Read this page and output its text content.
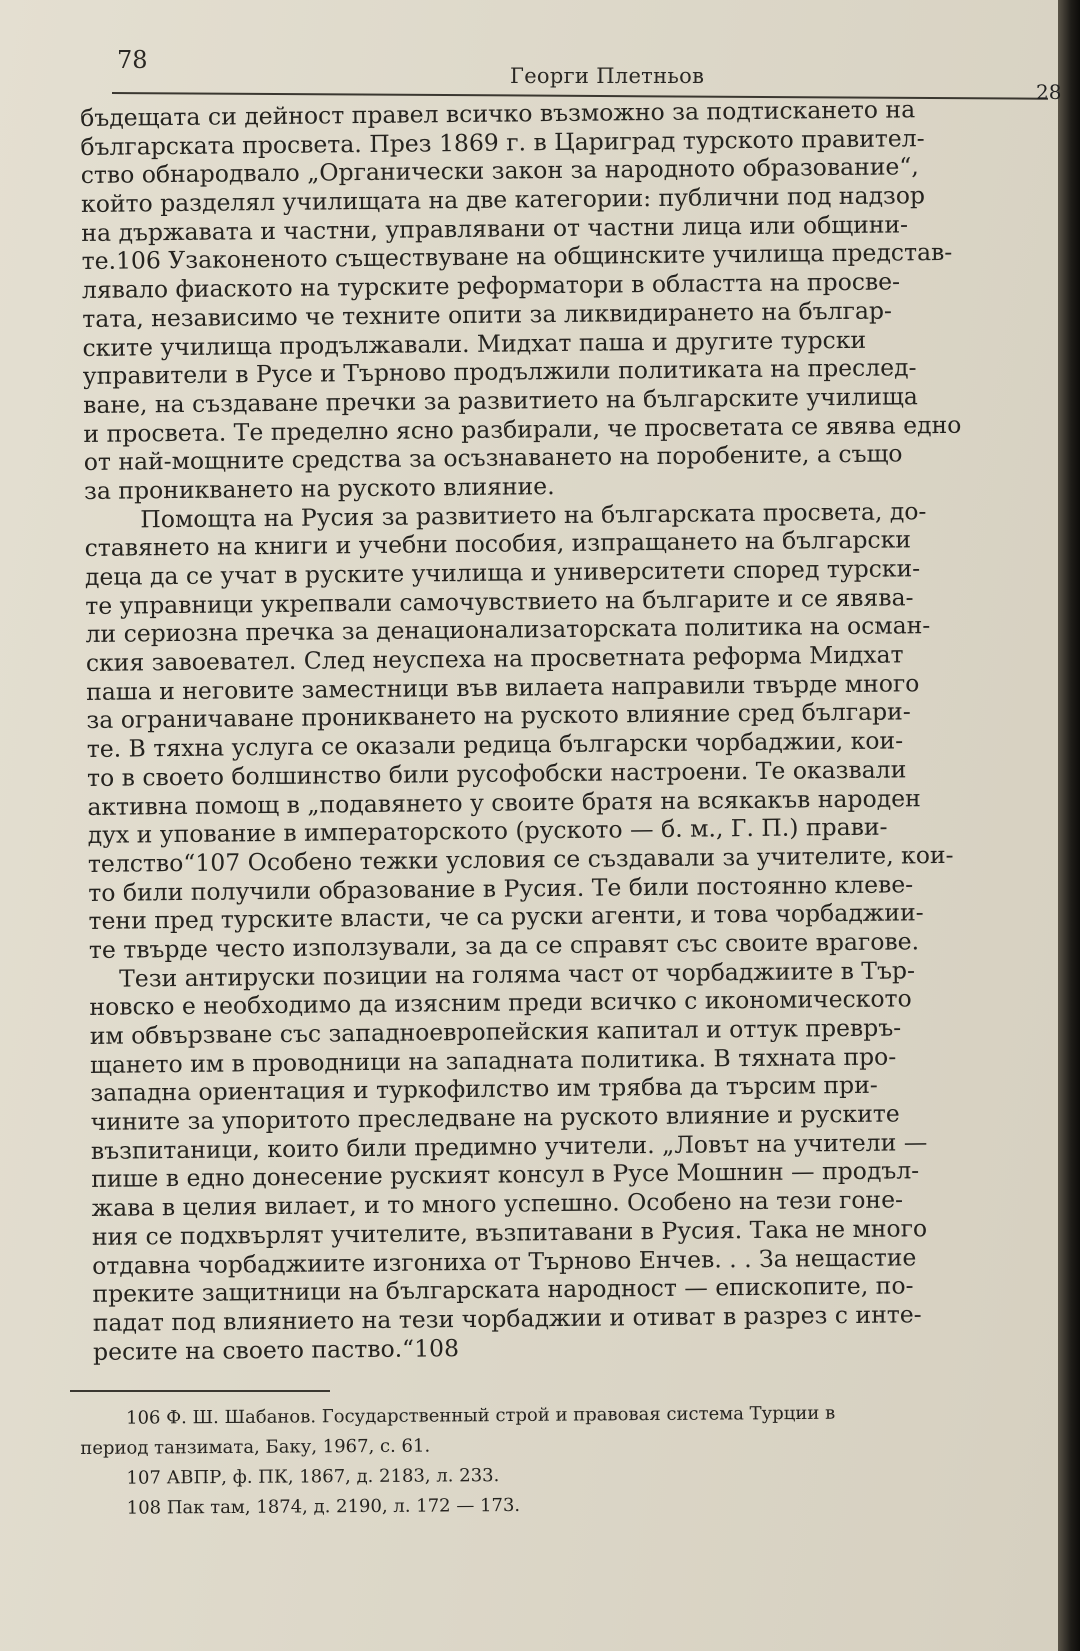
78
Георги Плетньов
бъдещата си дейност правел всичко възможно за подтискането на
българската просвета. През 1869 г. в Цариград турското правител-
ство обнародвало „Органически закон за народното образование“,
който разделял училищата на две категории: публични под надзор
на държавата и частни, управлявани от частни лица или общини-
те.106 Узаконеното съществуване на общинските училища представ-
лявало фиаското на турските реформатори в областта на просве-
тата, независимо че техните опити за ликвидирането на българ-
ските училища продължавали. Мидхат паша и другите турски
управители в Русе и Търново продължили политиката на преслед-
ване, на създаване пречки за развитието на българските училища
и просвета. Те пределно ясно разбирали, че просветата се явява едно
от най-мощните средства за осъзнаването на поробените, а също
за проникването на руското влияние.
Помощта на Русия за развитието на българската просвета, до-
ставянето на книги и учебни пособия, изпращането на български
деца да се учат в руските училища и университети според турски-
те управници укрепвали самочувствието на българите и се явява-
ли сериозна пречка за денационализаторската политика на осман-
ския завоевател. След неуспеха на просветната реформа Мидхат
паша и неговите заместници във вилаета направили твърде много
за ограничаване проникването на руското влияние сред българи-
те. В тяхна услуга се оказали редица български чорбаджии, кои-
то в своето болшинство били русофобски настроени. Те оказвали
активна помощ в „подавянето у своите братя на всякакъв народен
дух и упование в императорското (руското — б. м., Г. П.) прави-
телство“107 Особено тежки условия се създавали за учителите, кои-
то били получили образование в Русия. Те били постоянно клеве-
тени пред турските власти, че са руски агенти, и това чорбаджии-
те твърде често използували, за да се справят със своите врагове.
Тези антируски позиции на голяма част от чорбаджиите в Тър-
новско е необходимо да изясним преди всичко с икономическото
им обвързване със западноевропейския капитал и оттук превръ-
щането им в проводници на западната политика. В тяхната про-
западна ориентация и туркофилство им трябва да търсим при-
чините за упоритото преследване на руското влияние и руските
възпитаници, които били предимно учители. „Ловът на учители —
пише в едно донесение руският консул в Русе Мошнин — продъл-
жава в целия вилает, и то много успешно. Особено на тези гоне-
ния се подхвърлят учителите, възпитавани в Русия. Така не много
отдавна чорбаджиите изгониха от Търново Енчев. . . За нещастие
преките защитници на българската народност — епископите, по-
падат под влиянието на тези чорбаджии и отиват в разрез с инте-
ресите на своето паство.“108
106 Ф. Ш. Шабанов. Государственный строй и правовая система Турции в
период танзимата, Баку, 1967, с. 61.
107 АВПР, ф. ПК, 1867, д. 2183, л. 233.
108 Пак там, 1874, д. 2190, л. 172 — 173.
28
